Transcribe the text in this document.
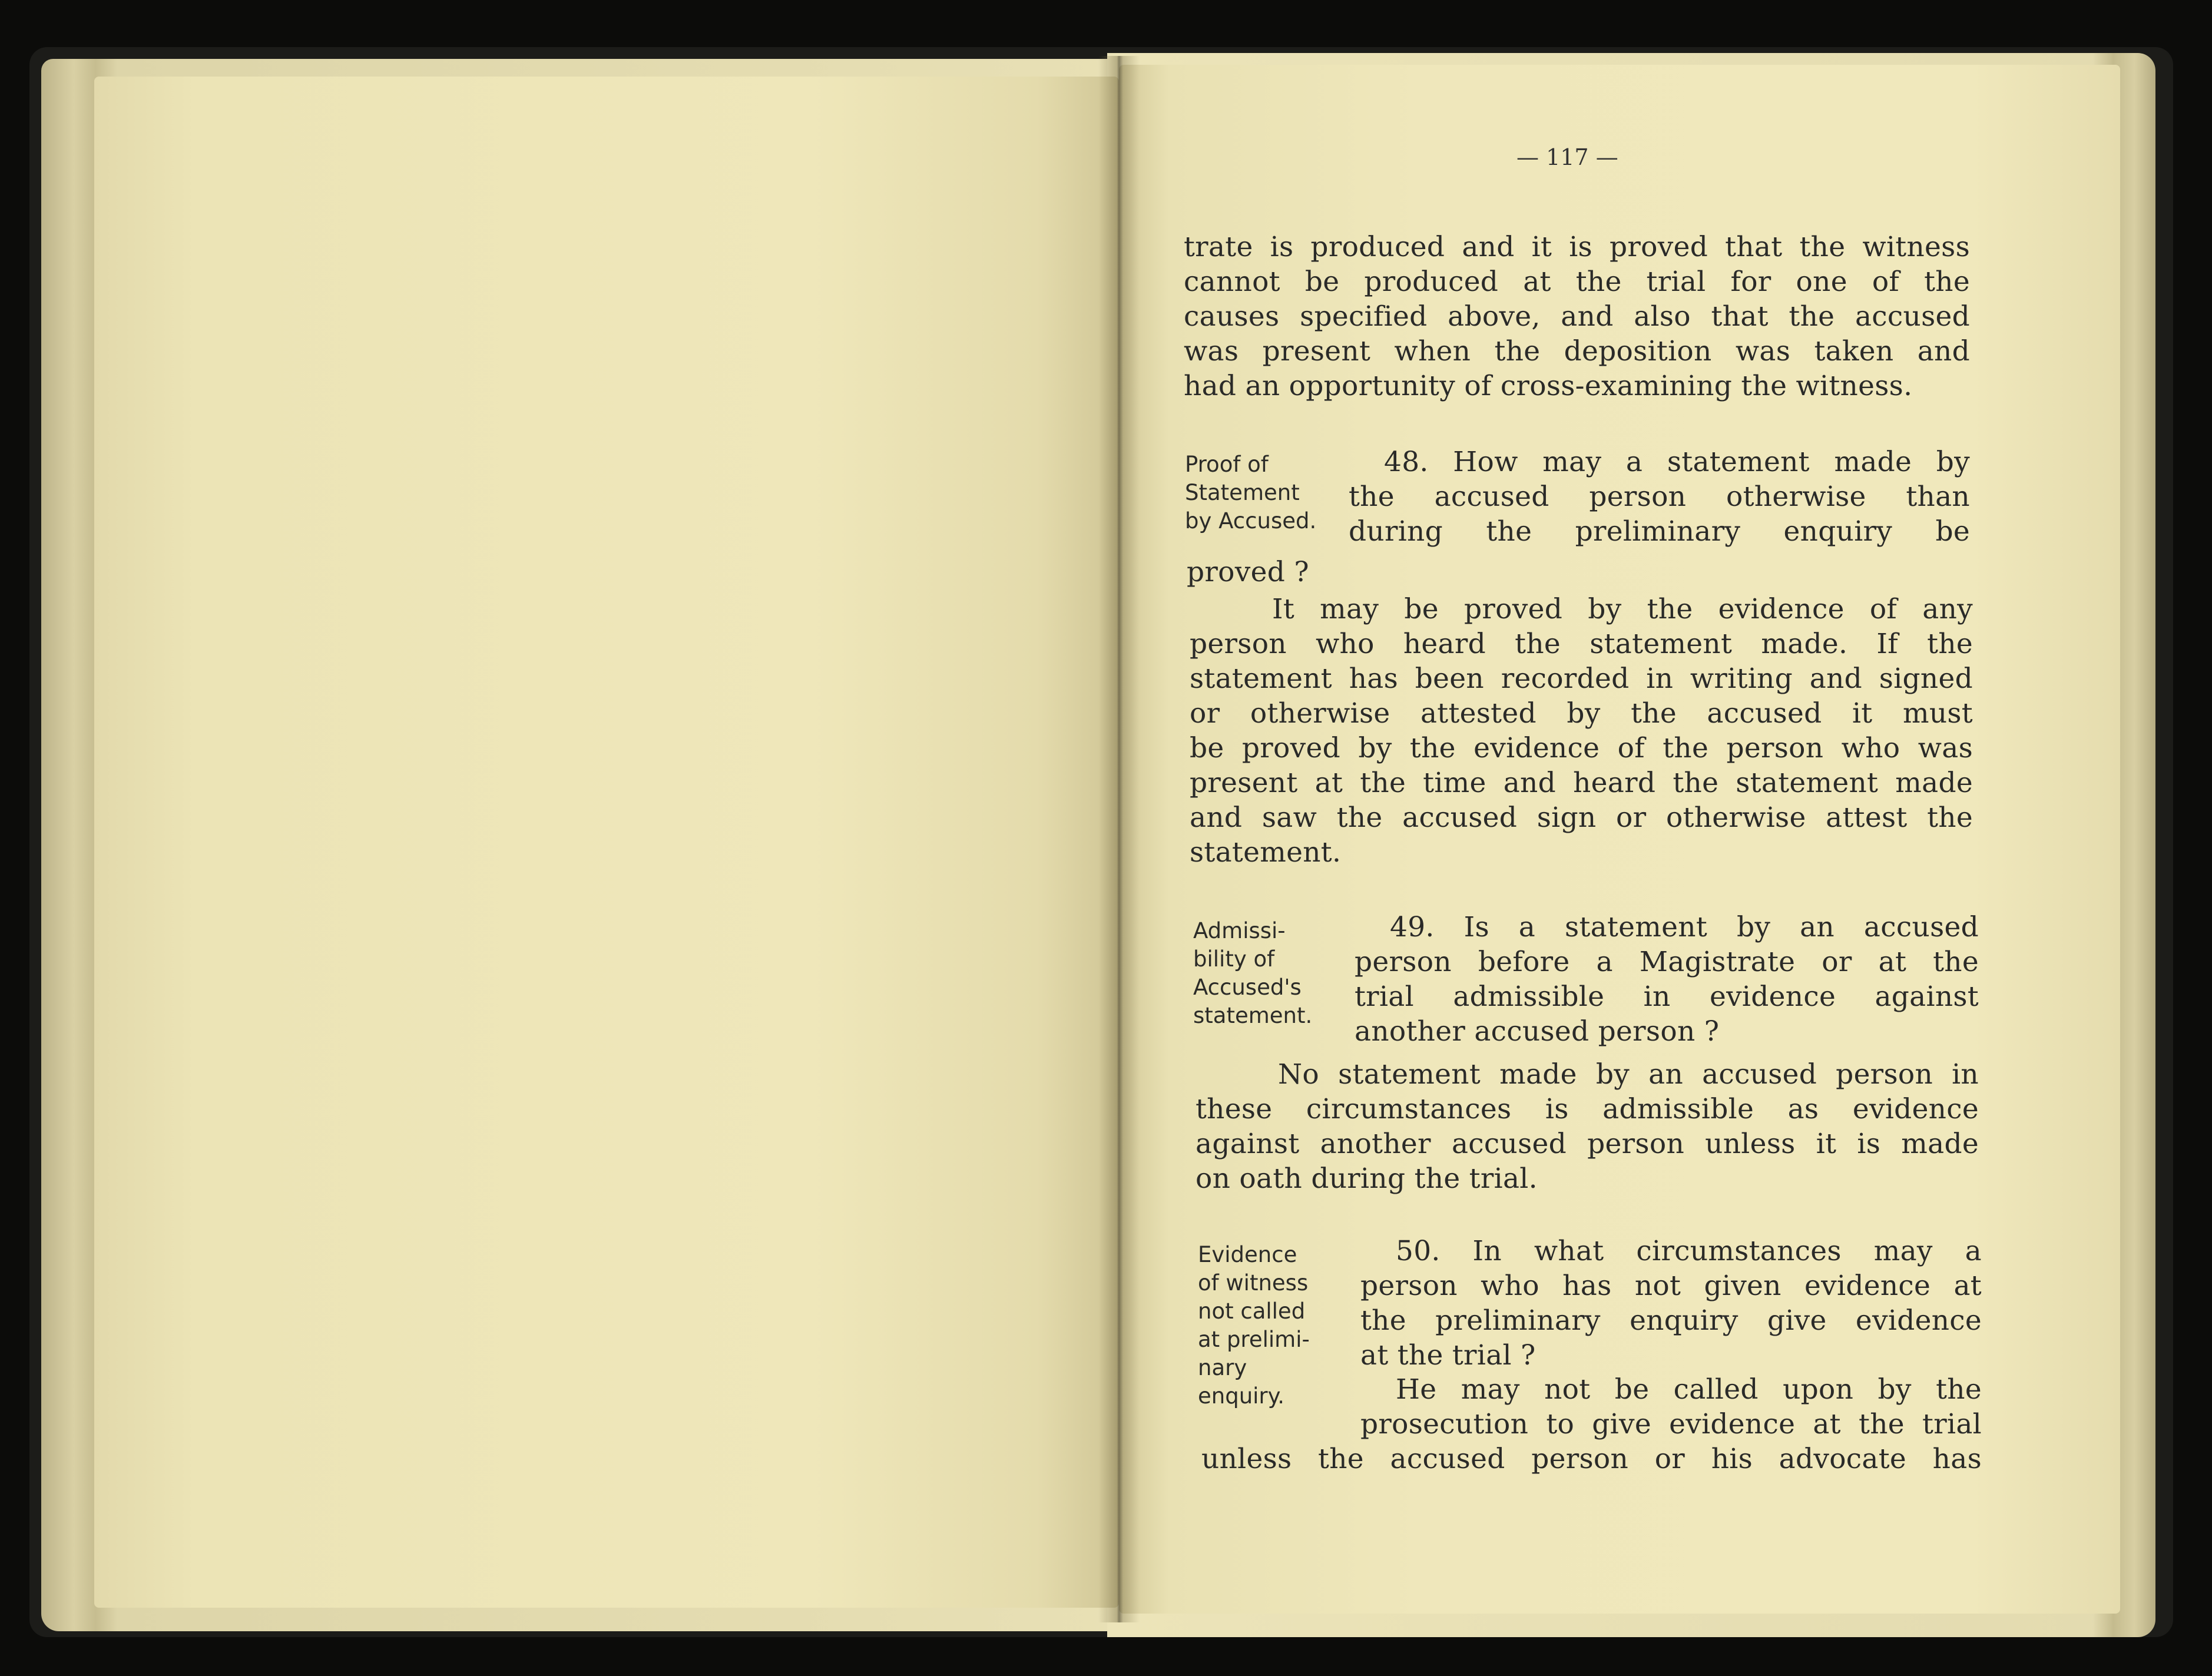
— 117 —
trate is produced and it is proved that the witness
cannot be produced at the trial for one of the
causes specified above, and also that the accused
was present when the deposition was taken and
had an opportunity of cross-examining the witness.
Proof of
Statement
by Accused.
48. How may a statement made by
the accused person otherwise than
during the preliminary enquiry be
proved ?
It may be proved by the evidence of any
person who heard the statement made. If the
statement has been recorded in writing and signed
or otherwise attested by the accused it must
be proved by the evidence of the person who was
present at the time and heard the statement made
and saw the accused sign or otherwise attest the
statement.
Admissi-
bility of
Accused's
statement.
49. Is a statement by an accused
person before a Magistrate or at the
trial admissible in evidence against
another accused person ?
No statement made by an accused person in
these circumstances is admissible as evidence
against another accused person unless it is made
on oath during the trial.
Evidence
of witness
not called
at prelimi-
nary
enquiry.
50. In what circumstances may a
person who has not given evidence at
the preliminary enquiry give evidence
at the trial ?
He may not be called upon by the
prosecution to give evidence at the trial
unless the accused person or his advocate has
